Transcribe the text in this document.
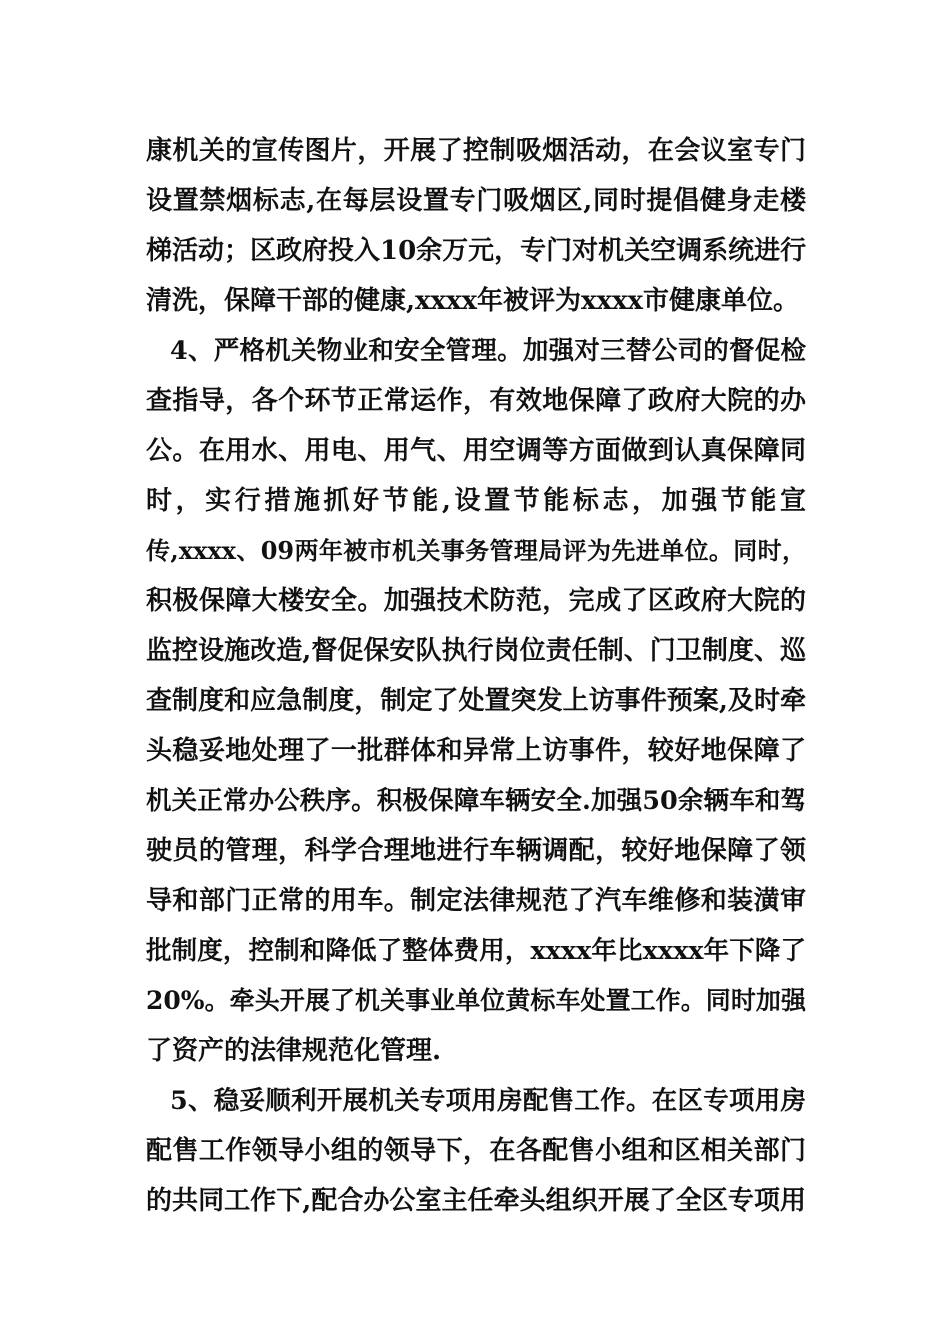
康机关的宣传图片，开展了控制吸烟活动，在会议室专门
设置禁烟标志,在每层设置专门吸烟区,同时提倡健身走楼
梯活动；区政府投入10余万元，专门对机关空调系统进行
清洗，保障干部的健康,xxxx年被评为xxxx市健康单位。
4、严格机关物业和安全管理。加强对三替公司的督促检
查指导，各个环节正常运作，有效地保障了政府大院的办
公。在用水、用电、用气、用空调等方面做到认真保障同
时，实行措施抓好节能,设置节能标志，加强节能宣
传,xxxx、09两年被市机关事务管理局评为先进单位。同时，
积极保障大楼安全。加强技术防范，完成了区政府大院的
监控设施改造,督促保安队执行岗位责任制、门卫制度、巡
查制度和应急制度，制定了处置突发上访事件预案,及时牵
头稳妥地处理了一批群体和异常上访事件，较好地保障了
机关正常办公秩序。积极保障车辆安全.加强50余辆车和驾
驶员的管理，科学合理地进行车辆调配，较好地保障了领
导和部门正常的用车。制定法律规范了汽车维修和装潢审
批制度，控制和降低了整体费用，xxxx年比xxxx年下降了
20%。牵头开展了机关事业单位黄标车处置工作。同时加强
了资产的法律规范化管理.
5、稳妥顺利开展机关专项用房配售工作。在区专项用房
配售工作领导小组的领导下，在各配售小组和区相关部门
的共同工作下,配合办公室主任牵头组织开展了全区专项用
